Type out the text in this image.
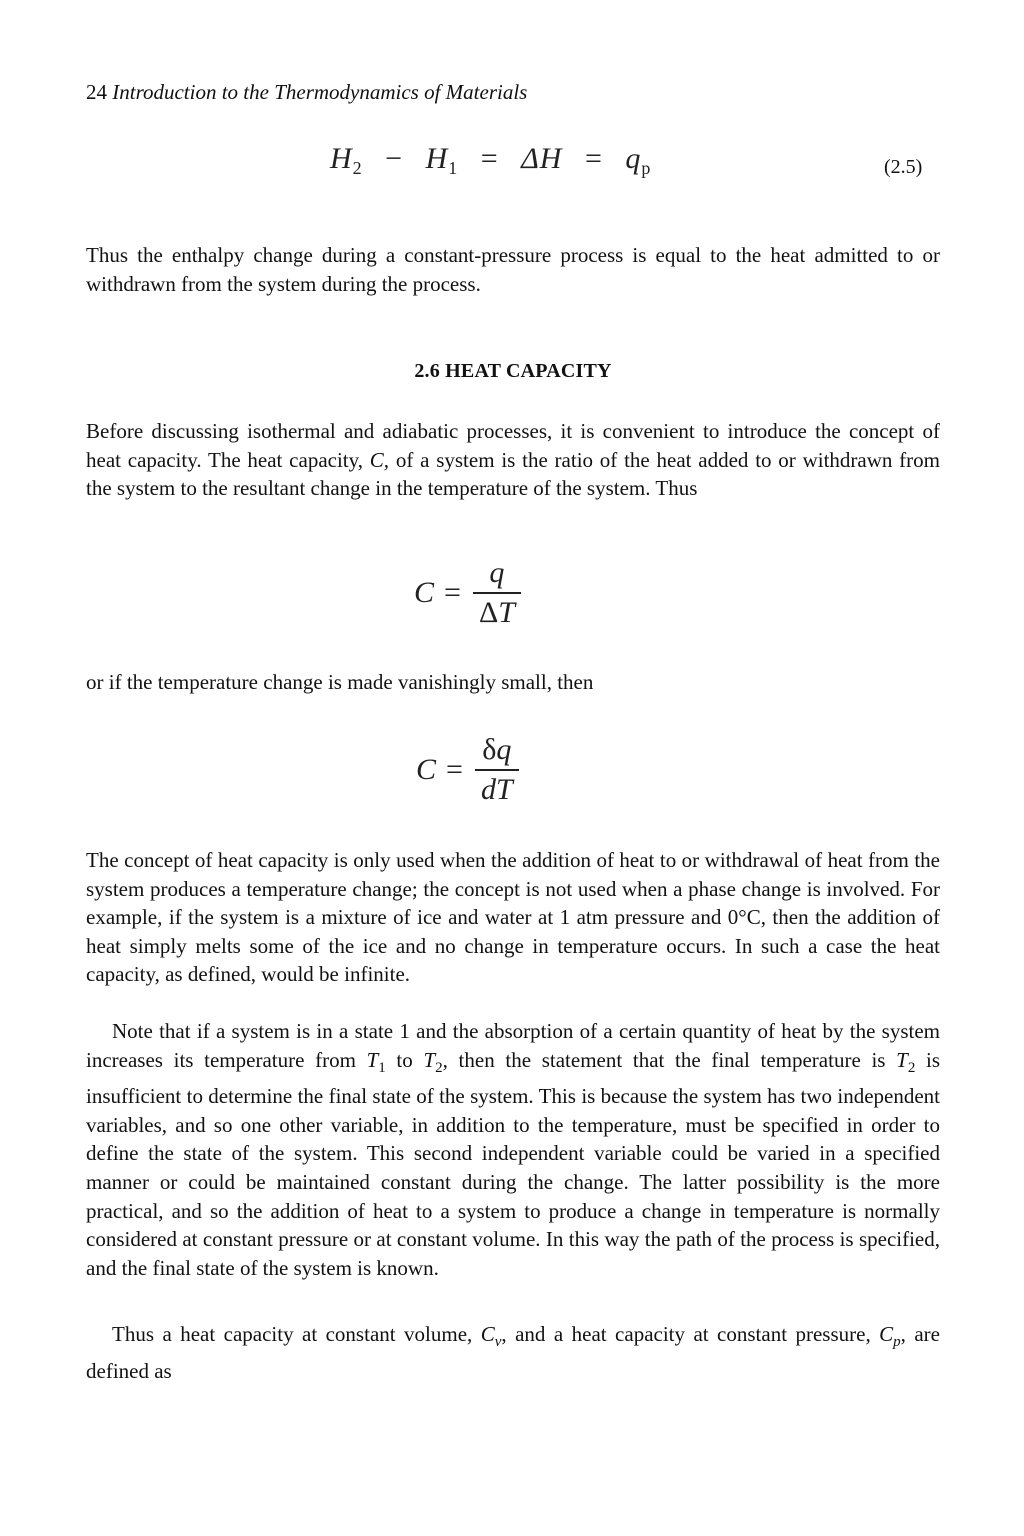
24 Introduction to the Thermodynamics of Materials
$H_2 - H_1 = \Delta H = q_p$	(2.5)

Thus the enthalpy change during a constant-pressure process is equal to the heat admitted to or withdrawn from the system during the process.

2.6 HEAT CAPACITY

Before discussing isothermal and adiabatic processes, it is convenient to introduce the concept of heat capacity. The heat capacity, C, of a system is the ratio of the heat added to or withdrawn from the system to the resultant change in the temperature of the system. Thus

$C = \frac{q}{\Delta T}$

or if the temperature change is made vanishingly small, then

$C = \frac{\delta q}{dT}$

The concept of heat capacity is only used when the addition of heat to or withdrawal of heat from the system produces a temperature change; the concept is not used when a phase change is involved. For example, if the system is a mixture of ice and water at 1 atm pressure and 0°C, then the addition of heat simply melts some of the ice and no change in temperature occurs. In such a case the heat capacity, as defined, would be infinite.

Note that if a system is in a state 1 and the absorption of a certain quantity of heat by the system increases its temperature from $T_1$ to $T_2$, then the statement that the final temperature is $T_2$ is insufficient to determine the final state of the system. This is because the system has two independent variables, and so one other variable, in addition to the temperature, must be specified in order to define the state of the system. This second independent variable could be varied in a specified manner or could be maintained constant during the change. The latter possibility is the more practical, and so the addition of heat to a system to produce a change in temperature is normally considered at constant pressure or at constant volume. In this way the path of the process is specified, and the final state of the system is known.

Thus a heat capacity at constant volume, $C_v$, and a heat capacity at constant pressure, $C_p$, are defined as
